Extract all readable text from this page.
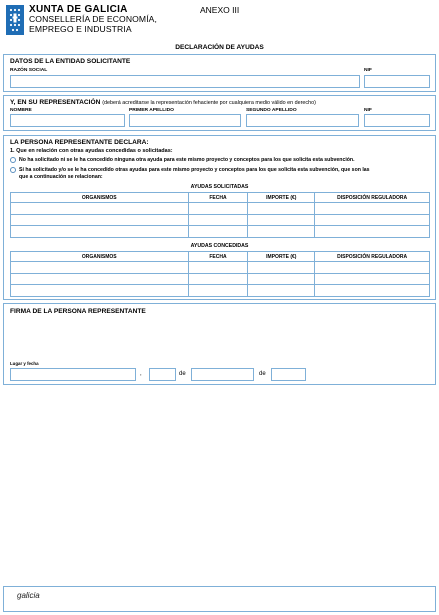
XUNTA DE GALICIA
CONSELLERÍA DE ECONOMÍA,
EMPREGO E INDUSTRIA
ANEXO III
DECLARACIÓN DE AYUDAS
DATOS DE LA ENTIDAD SOLICITANTE
RAZÓN SOCIAL	NIF
Y, EN SU REPRESENTACIÓN (deberá acreditarse la representación fehaciente por cualquiera medio válido en derecho)
NOMBRE	PRIMER APELLIDO	SEGUNDO APELLIDO	NIF
LA PERSONA REPRESENTANTE DECLARA:
1. Que en relación con otras ayudas concedidas o solicitadas:
No ha solicitado ni se le ha concedido ninguna otra ayuda para este mismo proyecto y conceptos para los que solicita esta subvención.
Sí ha solicitado y/o se le ha concedido otras ayudas para este mismo proyecto y conceptos para los que solicita esta subvención, que son las
que a continuación se relacionan:
AYUDAS SOLICITADAS
ORGANISMOS	FECHA	IMPORTE (€)	DISPOSICIÓN REGULADORA

AYUDAS CONCEDIDAS
ORGANISMOS	FECHA	IMPORTE (€)	DISPOSICIÓN REGULADORA

FIRMA DE LA PERSONA REPRESENTANTE
Lugar y fecha
,	de	de
galicia
